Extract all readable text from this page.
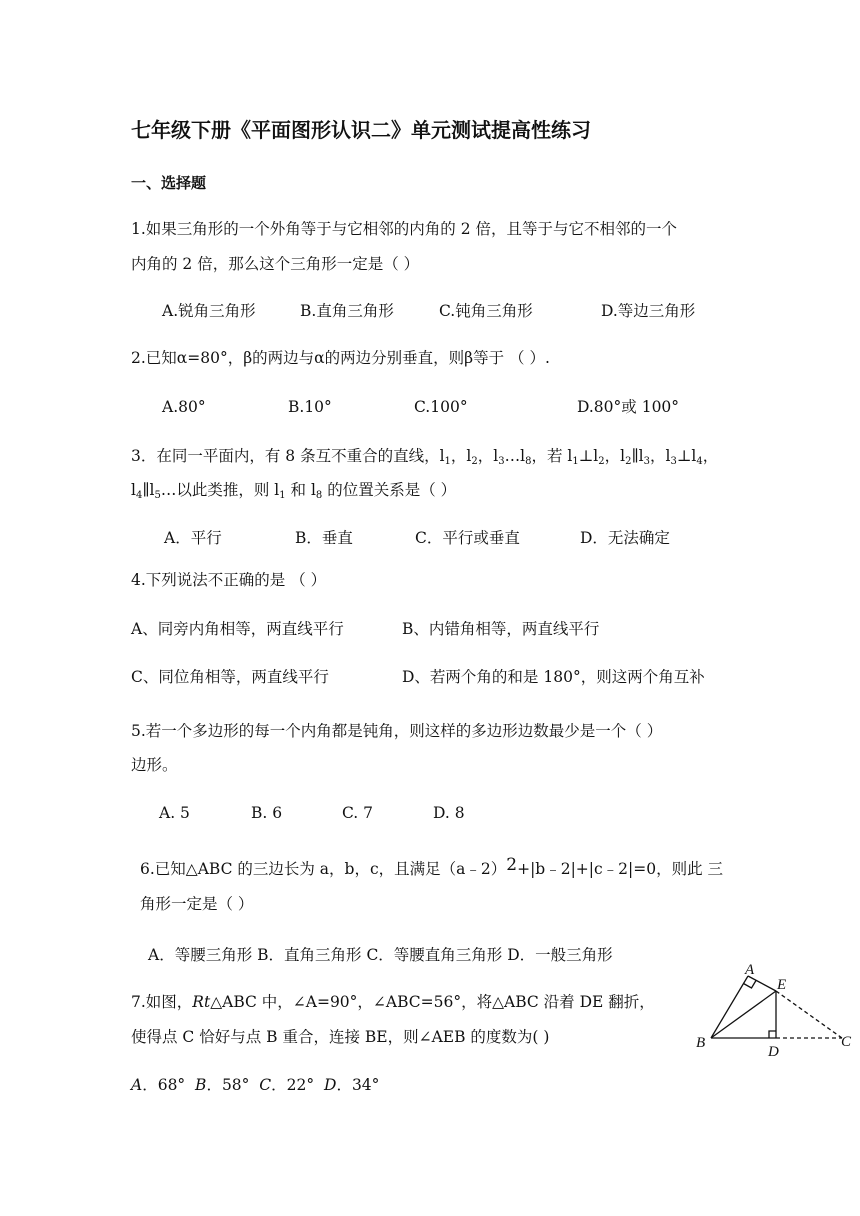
七年级下册《平面图形认识二》单元测试提高性练习
一、选择题
1.如果三角形的一个外角等于与它相邻的内角的 2 倍，且等于与它不相邻的一个
内角的 2 倍，那么这个三角形一定是（ ）
A.锐角三角形	B.直角三角形	C.钝角三角形	D.等边三角形
2.已知α=80°，β的两边与α的两边分别垂直，则β等于 （ ）.
A.80°	B.10°	C.100°	D.80°或 100°
3．在同一平面内，有 8 条互不重合的直线，$l_1$，$l_2$，$l_3\dots l_8$，若 $l_1\perp l_2$，$l_2\parallel l_3$，$l_3\perp l_4$，
$l_4\parallel l_5\dots$以此类推，则 $l_1$ 和 $l_8$ 的位置关系是（ ）
A．平行	B．垂直	C．平行或垂直	D．无法确定
4.下列说法不正确的是 （ ）
A、同旁内角相等，两直线平行	B、内错角相等，两直线平行
C、同位角相等，两直线平行	D、若两个角的和是 180°，则这两个角互补
5.若一个多边形的每一个内角都是钝角，则这样的多边形边数最少是一个（ ）
边形。
A. 5	B. 6	C. 7	D. 8
6.已知△ABC 的三边长为 a，b，c，且满足（a﹣2）2+|b﹣2|+|c﹣2|=0，则此 三
角形一定是（ ）
A．等腰三角形 B．直角三角形 C．等腰直角三角形 D．一般三角形
7.如图，Rt△ABC 中，∠A=90°，∠ABC=56°，将△ABC 沿着 DE 翻折，
使得点 C 恰好与点 B 重合，连接 BE，则∠AEB 的度数为( )
A．68° B．58° C．22° D．34°
A
E
B
D
C
